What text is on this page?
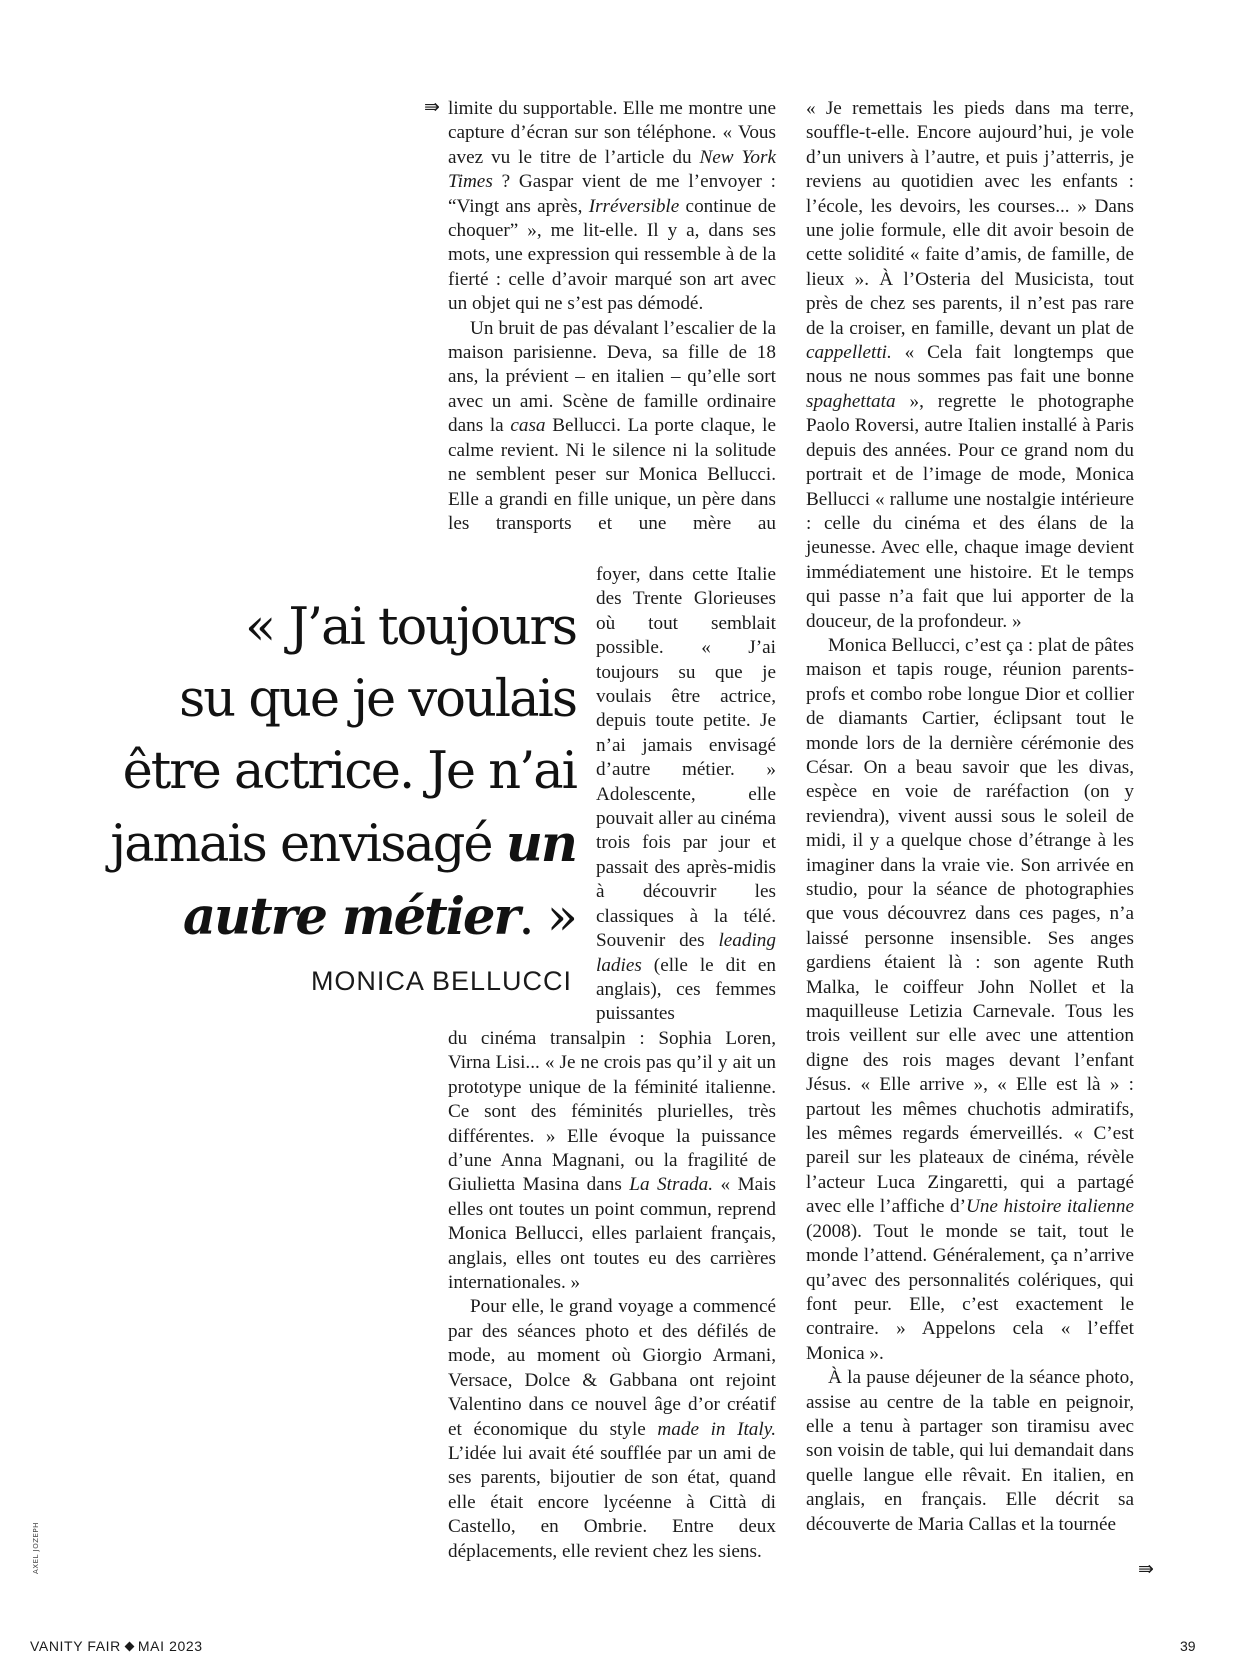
« J’ai toujours

su que je voulais

être actrice. Je n’ai

jamais envisagé un

autre métier. »

MONICA BELLUCCI
⇛ limite du supportable. Elle me montre une capture d’écran sur son téléphone. « Vous avez vu le titre de l’article du New York Times ? Gaspar vient de me l’envoyer : “Vingt ans après, Irréversible continue de choquer” », me lit-elle. Il y a, dans ses mots, une expression qui ressemble à de la fierté : celle d’avoir marqué son art avec un objet qui ne s’est pas démodé.

Un bruit de pas dévalant l’escalier de la maison parisienne. Deva, sa fille de 18 ans, la prévient – en italien – qu’elle sort avec un ami. Scène de famille ordinaire dans la casa Bellucci. La porte claque, le calme revient. Ni le silence ni la solitude ne semblent peser sur Monica Bellucci. Elle a grandi en fille unique, un père dans les transports et une mère au

foyer, dans cette Italie des Trente Glorieuses où tout semblait possible. « J’ai toujours su que je voulais être actrice, depuis toute petite. Je n’ai jamais envisagé d’autre métier. » Adolescente, elle pouvait aller au cinéma trois fois par jour et passait des après-midis à découvrir les classiques à la télé. Souvenir des leading ladies (elle le dit en anglais), ces femmes puissantes

du cinéma transalpin : Sophia Loren, Virna Lisi... « Je ne crois pas qu’il y ait un prototype unique de la féminité italienne. Ce sont des féminités plurielles, très différentes. » Elle évoque la puissance d’une Anna Magnani, ou la fragilité de Giulietta Masina dans La Strada. « Mais elles ont toutes un point commun, reprend Monica Bellucci, elles parlaient français, anglais, elles ont toutes eu des carrières internationales. »

Pour elle, le grand voyage a commencé par des séances photo et des défilés de mode, au moment où Giorgio Armani, Versace, Dolce & Gabbana ont rejoint Valentino dans ce nouvel âge d’or créatif et économique du style made in Italy. L’idée lui avait été soufflée par un ami de ses parents, bijoutier de son état, quand elle était encore lycéenne à Città di Castello, en Ombrie. Entre deux déplacements, elle revient chez les siens.

« Je remettais les pieds dans ma terre, souffle-t-elle. Encore aujourd’hui, je vole d’un univers à l’autre, et puis j’atterris, je reviens au quotidien avec les enfants : l’école, les devoirs, les courses... » Dans une jolie formule, elle dit avoir besoin de cette solidité « faite d’amis, de famille, de lieux ». À l’Osteria del Musicista, tout près de chez ses parents, il n’est pas rare de la croiser, en famille, devant un plat de cappelletti. « Cela fait longtemps que nous ne nous sommes pas fait une bonne spaghettata », regrette le photographe Paolo Roversi, autre Italien installé à Paris depuis des années. Pour ce grand nom du portrait et de l’image de mode, Monica Bellucci « rallume une nostalgie intérieure : celle du cinéma et des élans de la jeunesse. Avec elle, chaque image devient immédiatement une histoire. Et le temps qui passe n’a fait que lui apporter de la douceur, de la profondeur. »

Monica Bellucci, c’est ça : plat de pâtes maison et tapis rouge, réunion parents-profs et combo robe longue Dior et collier de diamants Cartier, éclipsant tout le monde lors de la dernière cérémonie des César. On a beau savoir que les divas, espèce en voie de raréfaction (on y reviendra), vivent aussi sous le soleil de midi, il y a quelque chose d’étrange à les imaginer dans la vraie vie. Son arrivée en studio, pour la séance de photographies que vous découvrez dans ces pages, n’a laissé personne insensible. Ses anges gardiens étaient là : son agente Ruth Malka, le coiffeur John Nollet et la maquilleuse Letizia Carnevale. Tous les trois veillent sur elle avec une attention digne des rois mages devant l’enfant Jésus. « Elle arrive », « Elle est là » : partout les mêmes chuchotis admiratifs, les mêmes regards émerveillés. « C’est pareil sur les plateaux de cinéma, révèle l’acteur Luca Zingaretti, qui a partagé avec elle l’affiche d’Une histoire italienne (2008). Tout le monde se tait, tout le monde l’attend. Généralement, ça n’arrive qu’avec des personnalités colériques, qui font peur. Elle, c’est exactement le contraire. » Appelons cela « l’effet Monica ».

À la pause déjeuner de la séance photo, assise au centre de la table en peignoir, elle a tenu à partager son tiramisu avec son voisin de table, qui lui demandait dans quelle langue elle rêvait. En italien, en anglais, en français. Elle décrit sa découverte de Maria Callas et la tournée

⇛
AXEL JOZEPH
VANITY FAIR MAI 2023	39
